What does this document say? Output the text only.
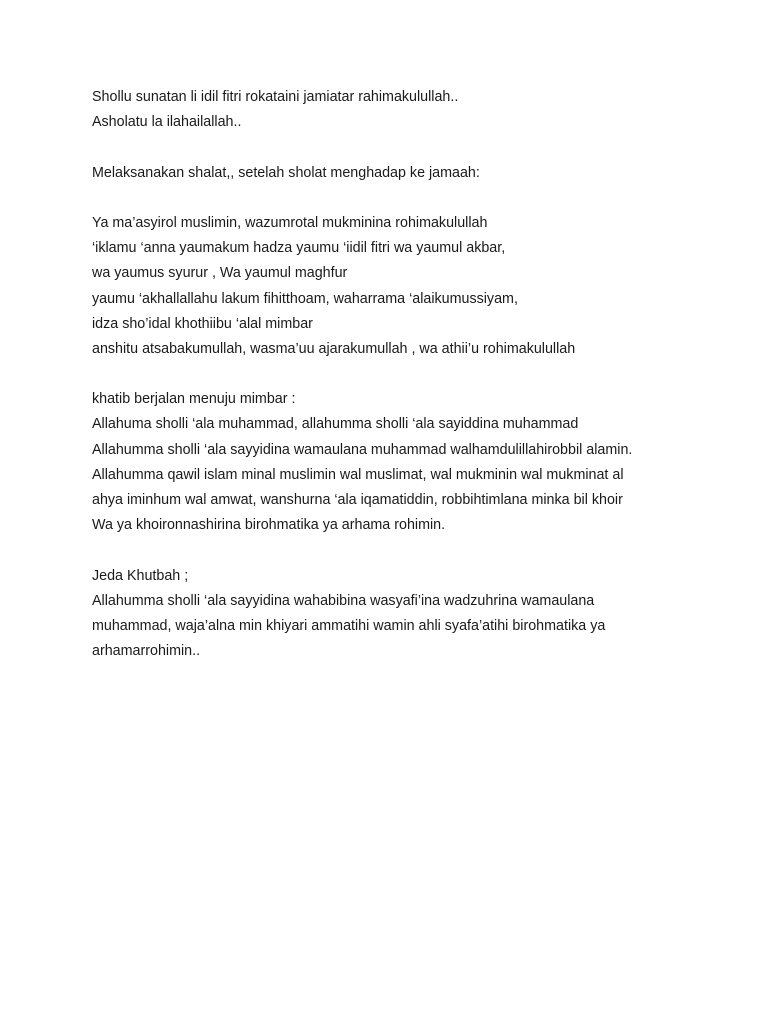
Shollu sunatan li idil fitri rokataini jamiatar rahimakulullah..
Asholatu la ilahailallah..
Melaksanakan shalat,, setelah sholat menghadap ke jamaah:
Ya ma’asyirol muslimin, wazumrotal mukminina rohimakulullah
‘iklamu ‘anna yaumakum hadza yaumu ‘iidil fitri wa yaumul akbar,
wa yaumus syurur , Wa yaumul maghfur
yaumu ‘akhallallahu lakum fihitthoam, waharrama ‘alaikumussiyam,
idza sho’idal khothiibu ‘alal mimbar
anshitu atsabakumullah, wasma’uu ajarakumullah , wa athii’u rohimakulullah
khatib berjalan menuju mimbar :
Allahuma sholli ‘ala muhammad, allahumma sholli ‘ala sayiddina muhammad
Allahumma sholli ‘ala sayyidina wamaulana muhammad walhamdulillahirobbil alamin.
Allahumma qawil islam minal muslimin wal muslimat, wal mukminin wal mukminat al
ahya iminhum wal amwat, wanshurna ‘ala iqamatiddin, robbihtimlana minka bil khoir
Wa ya khoironnashirina birohmatika ya arhama rohimin.
Jeda Khutbah ;
Allahumma sholli ‘ala sayyidina wahabibina wasyafi’ina wadzuhrina wamaulana
muhammad, waja’alna min khiyari ammatihi wamin ahli syafa’atihi birohmatika ya
arhamarrohimin..
